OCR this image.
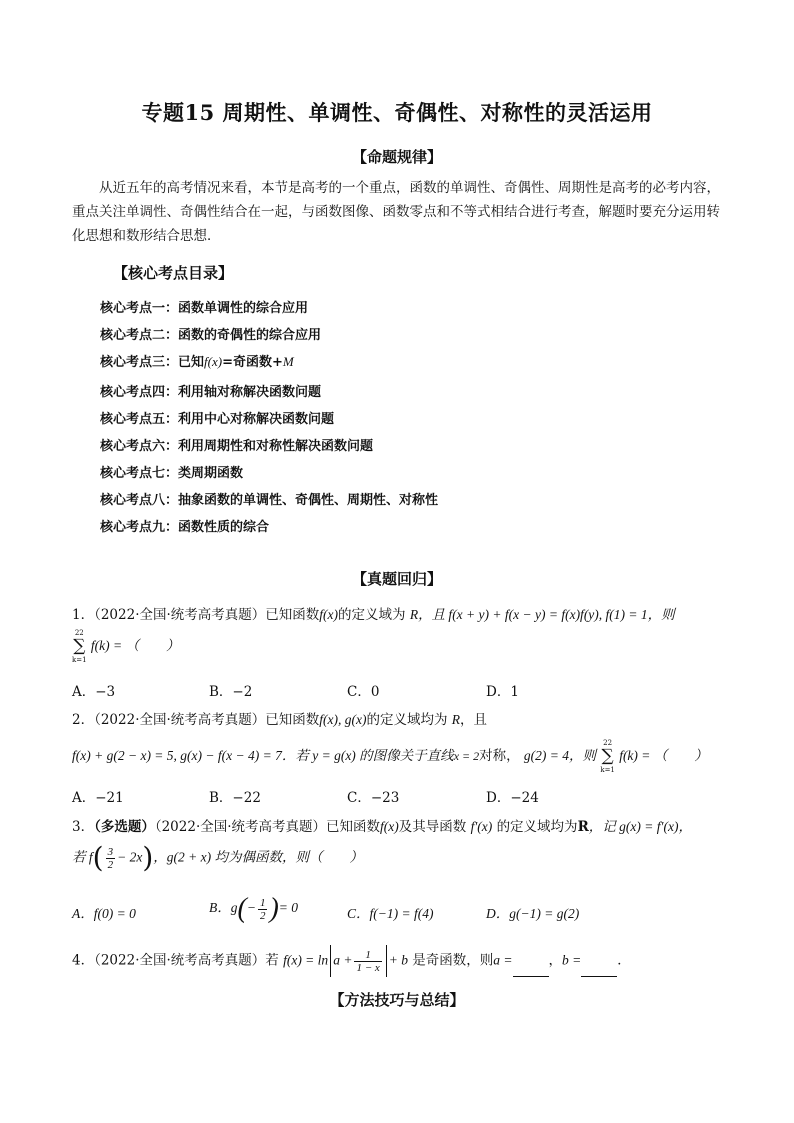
专题15 周期性、单调性、奇偶性、对称性的灵活运用
【命题规律】
从近五年的高考情况来看，本节是高考的一个重点，函数的单调性、奇偶性、周期性是高考的必考内容，重点关注单调性、奇偶性结合在一起，与函数图像、函数零点和不等式相结合进行考查，解题时要充分运用转化思想和数形结合思想．
【核心考点目录】
核心考点一：函数单调性的综合应用
核心考点二：函数的奇偶性的综合应用
核心考点三：已知f(x)=奇函数+M
核心考点四：利用轴对称解决函数问题
核心考点五：利用中心对称解决函数问题
核心考点六：利用周期性和对称性解决函数问题
核心考点七：类周期函数
核心考点八：抽象函数的单调性、奇偶性、周期性、对称性
核心考点九：函数性质的综合
【真题回归】
1．（2022·全国·统考高考真题）已知函数f(x)的定义域为 R，且 f(x + y) + f(x − y) = f(x)f(y), f(1) = 1，则
22
∑
k=1
f(k) = （　　）
A．−3	B．−2	C．0	D．1
2．（2022·全国·统考高考真题）已知函数f(x), g(x)的定义域均为 R，且
f(x) + g(2 − x) = 5, g(x) − f(x − 4) = 7．若 y = g(x) 的图像关于直线x = 2对称， g(2) = 4，则
22
∑
k=1
f(k) = （　　）
A．−21	B．−22	C．−23	D．−24
3．（多选题）（2022·全国·统考高考真题）已知函数f(x)及其导函数 f′(x) 的定义域均为R，记 g(x) = f′(x)，
若 $f( \frac{3}{2} - 2x)$，g(2 + x) 均为偶函数，则（　　）
A．f(0) = 0	B．$g(- \frac{1}{2}$ )= 0	C．f(−1) = f(4)	D．g(−1) = g(2)
4．（2022·全国·统考高考真题）若 $f(x) = \ln a + \frac{1}{1 - x} + b$ 是奇函数，则a =	，b =	．
【方法技巧与总结】
